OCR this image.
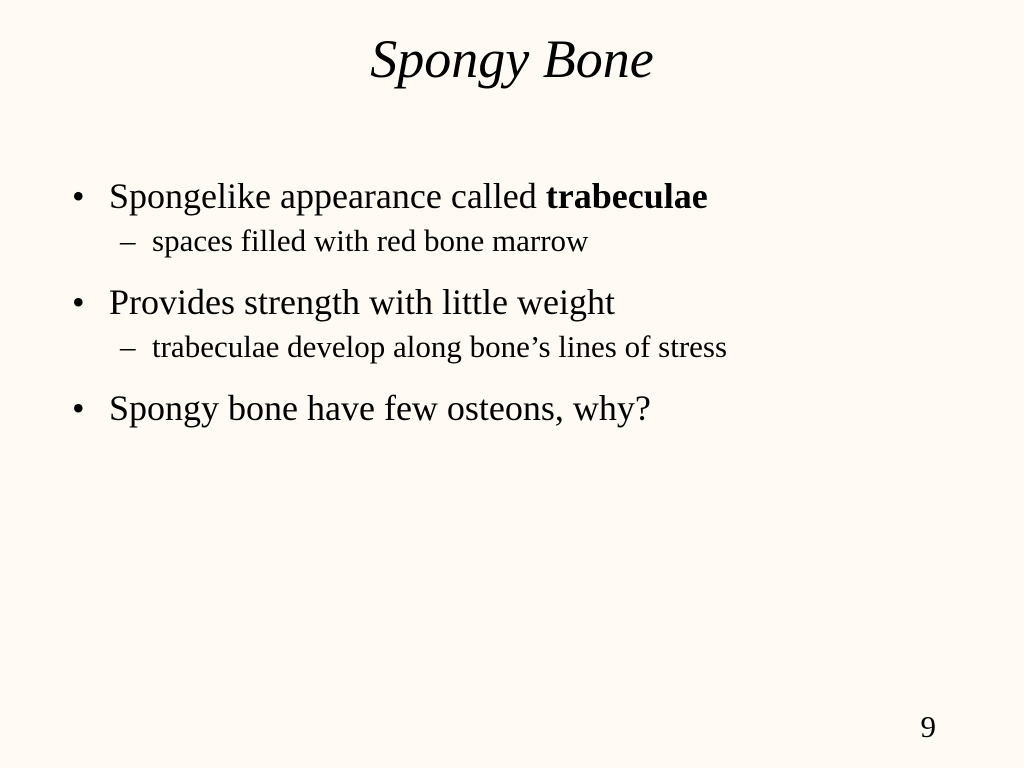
Spongy Bone
• Spongelike appearance called trabeculae
– spaces filled with red bone marrow
• Provides strength with little weight
– trabeculae develop along bone’s lines of stress
• Spongy bone have few osteons, why?
9
